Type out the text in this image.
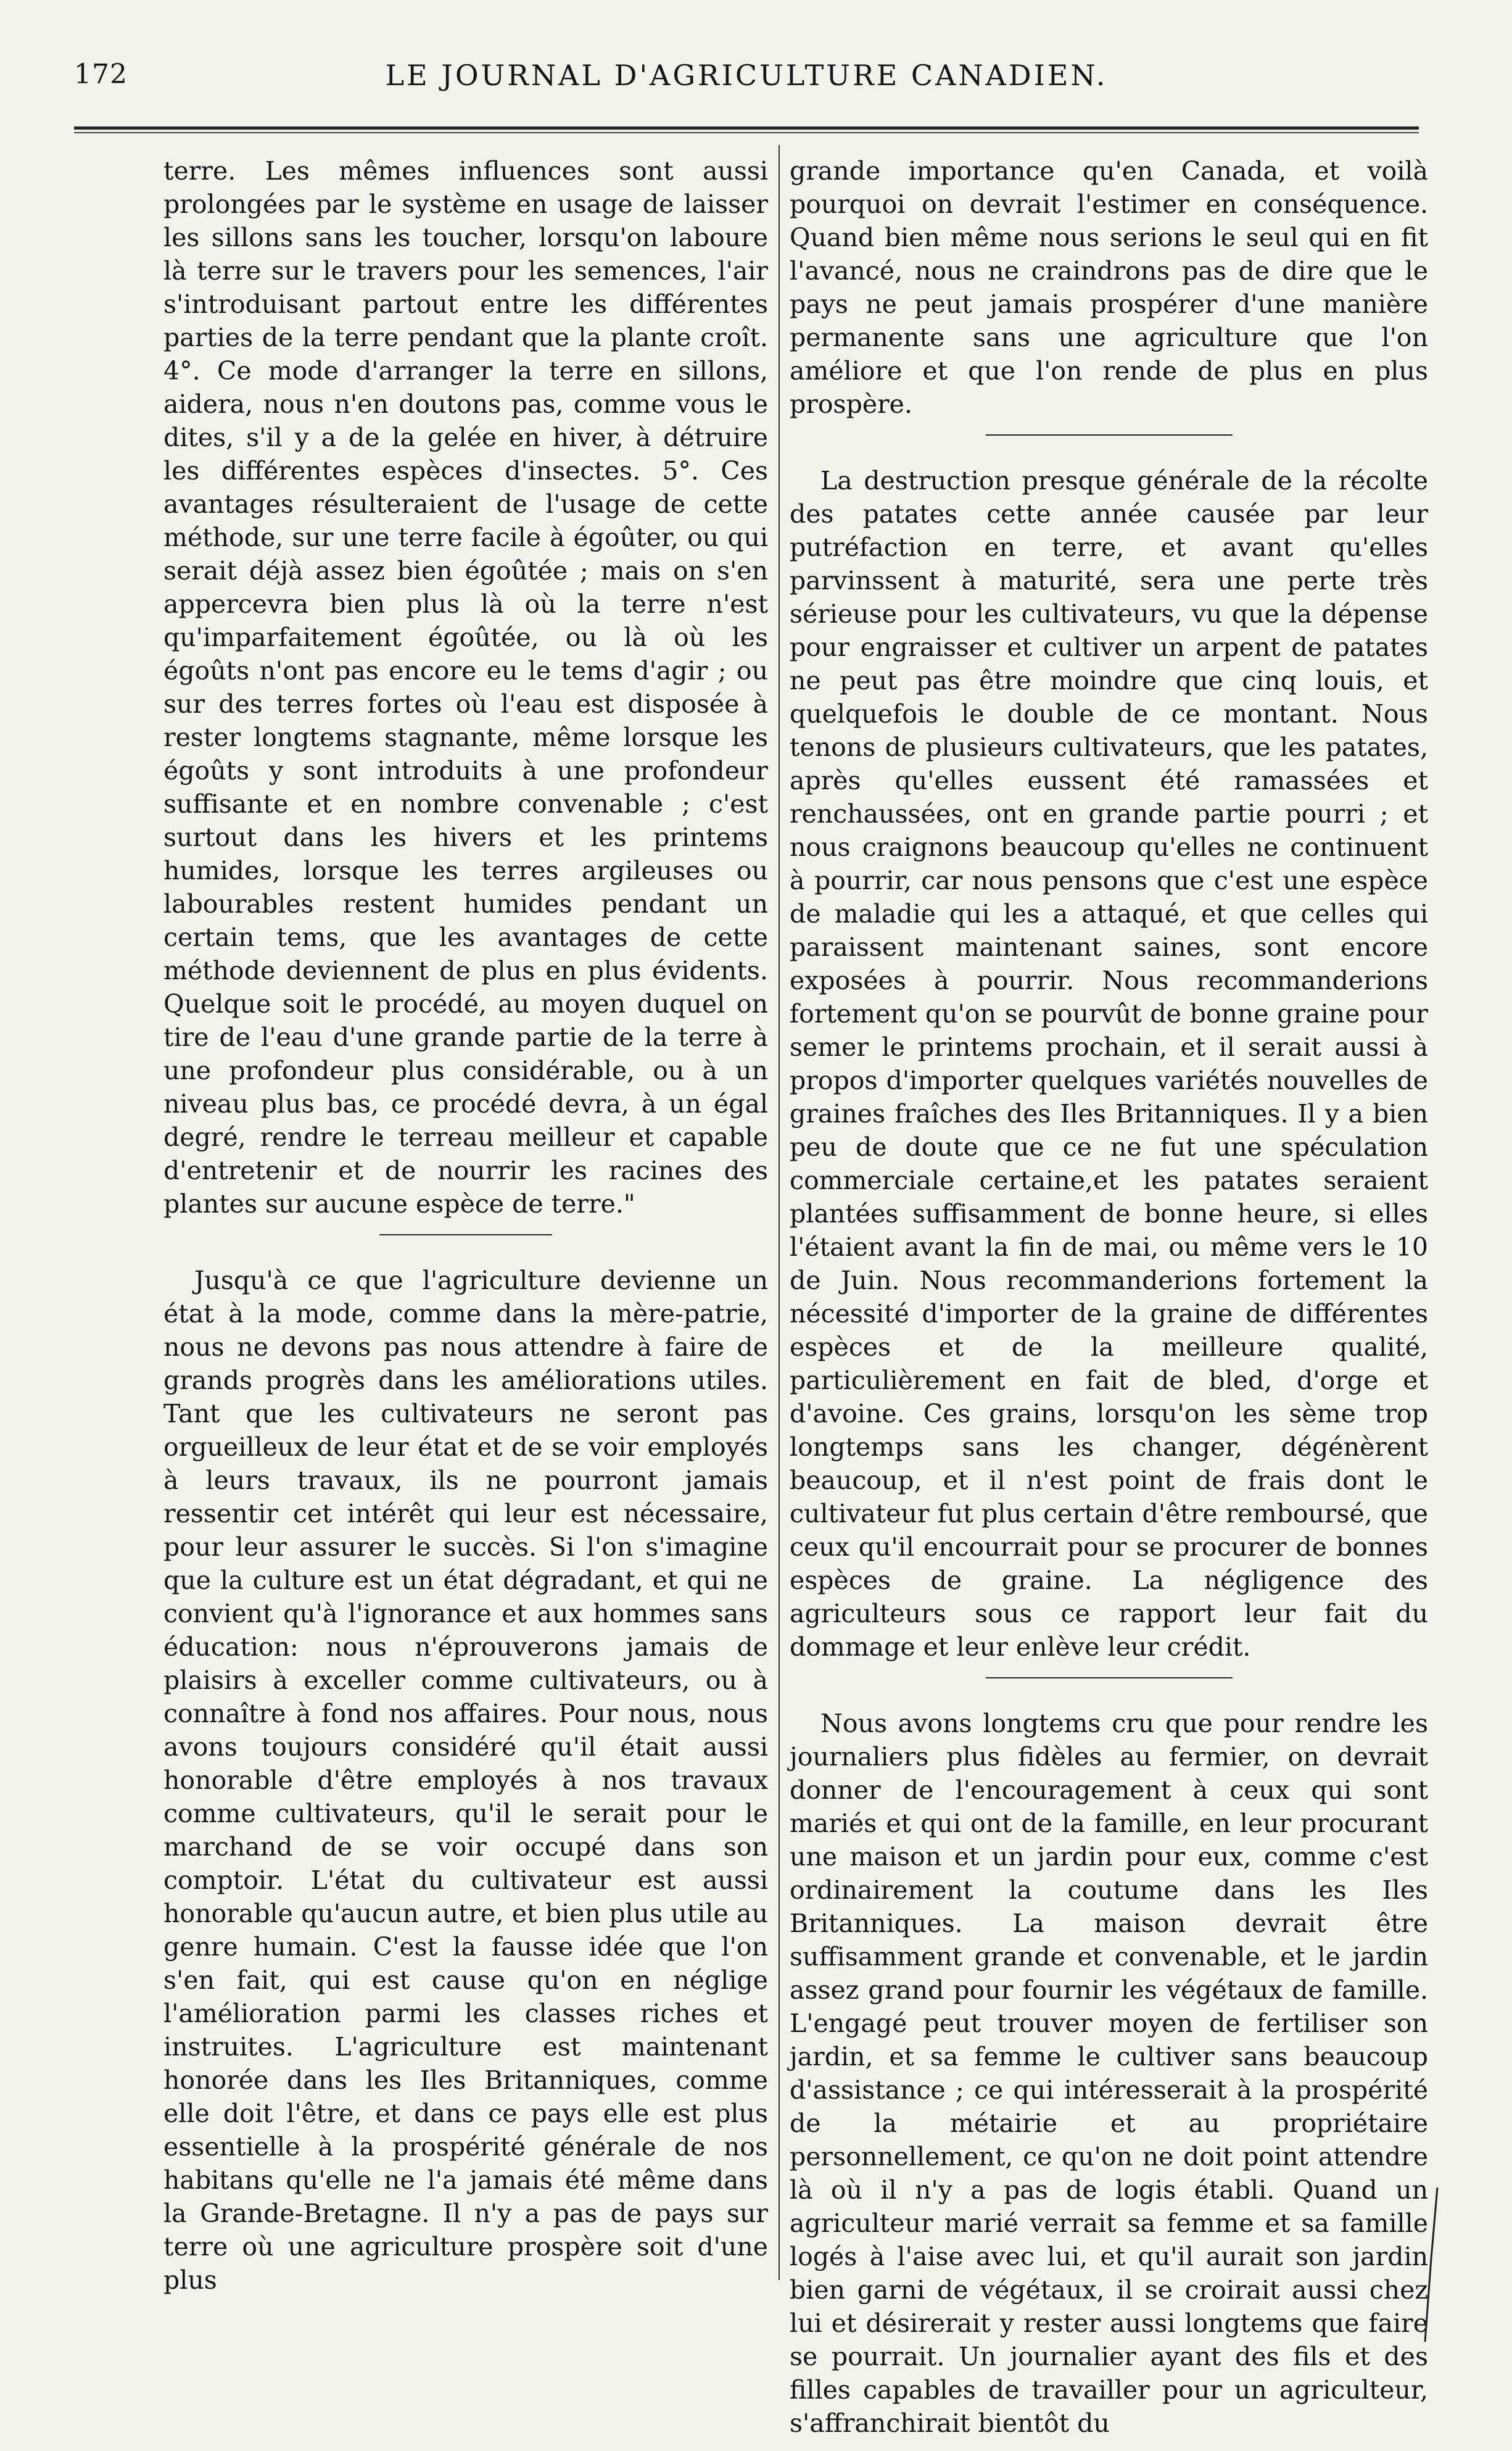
172	LE JOURNAL D'AGRICULTURE CANADIEN.

terre. Les mêmes influences sont aussi prolongées par le système en usage de laisser les sillons sans les toucher, lorsqu'on laboure là terre sur le travers pour les semences, l'air s'introduisant partout entre les différentes parties de la terre pendant que la plante croît. 4°. Ce mode d'arranger la terre en sillons, aidera, nous n'en doutons pas, comme vous le dites, s'il y a de la gelée en hiver, à détruire les différentes espèces d'insectes. 5°. Ces avantages résulteraient de l'usage de cette méthode, sur une terre facile à égoûter, ou qui serait déjà assez bien égoûtée ; mais on s'en appercevra bien plus là où la terre n'est qu'imparfaitement égoûtée, ou là où les égoûts n'ont pas encore eu le tems d'agir ; ou sur des terres fortes où l'eau est disposée à rester longtems stagnante, même lorsque les égoûts y sont introduits à une profondeur suffisante et en nombre convenable ; c'est surtout dans les hivers et les printems humides, lorsque les terres argileuses ou labourables restent humides pendant un certain tems, que les avantages de cette méthode deviennent de plus en plus évidents. Quelque soit le procédé, au moyen duquel on tire de l'eau d'une grande partie de la terre à une profondeur plus considérable, ou à un niveau plus bas, ce procédé devra, à un égal degré, rendre le terreau meilleur et capable d'entretenir et de nourrir les racines des plantes sur aucune espèce de terre."

Jusqu'à ce que l'agriculture devienne un état à la mode, comme dans la mère-patrie, nous ne devons pas nous attendre à faire de grands progrès dans les améliorations utiles. Tant que les cultivateurs ne seront pas orgueilleux de leur état et de se voir employés à leurs travaux, ils ne pourront jamais ressentir cet intérêt qui leur est nécessaire, pour leur assurer le succès. Si l'on s'imagine que la culture est un état dégradant, et qui ne convient qu'à l'ignorance et aux hommes sans éducation: nous n'éprouverons jamais de plaisirs à exceller comme cultivateurs, ou à connaître à fond nos affaires. Pour nous, nous avons toujours considéré qu'il était aussi honorable d'être employés à nos travaux comme cultivateurs, qu'il le serait pour le marchand de se voir occupé dans son comptoir. L'état du cultivateur est aussi honorable qu'aucun autre, et bien plus utile au genre humain. C'est la fausse idée que l'on s'en fait, qui est cause qu'on en néglige l'amélioration parmi les classes riches et instruites. L'agriculture est maintenant honorée dans les Iles Britanniques, comme elle doit l'être, et dans ce pays elle est plus essentielle à la prospérité générale de nos habitans qu'elle ne l'a jamais été même dans la Grande-Bretagne. Il n'y a pas de pays sur terre où une agriculture prospère soit d'une plus

grande importance qu'en Canada, et voilà pourquoi on devrait l'estimer en conséquence. Quand bien même nous serions le seul qui en fit l'avancé, nous ne craindrons pas de dire que le pays ne peut jamais prospérer d'une manière permanente sans une agriculture que l'on améliore et que l'on rende de plus en plus prospère.

La destruction presque générale de la récolte des patates cette année causée par leur putréfaction en terre, et avant qu'elles parvinssent à maturité, sera une perte très sérieuse pour les cultivateurs, vu que la dépense pour engraisser et cultiver un arpent de patates ne peut pas être moindre que cinq louis, et quelquefois le double de ce montant. Nous tenons de plusieurs cultivateurs, que les patates, après qu'elles eussent été ramassées et renchaussées, ont en grande partie pourri ; et nous craignons beaucoup qu'elles ne continuent à pourrir, car nous pensons que c'est une espèce de maladie qui les a attaqué, et que celles qui paraissent maintenant saines, sont encore exposées à pourrir. Nous recommanderions fortement qu'on se pourvût de bonne graine pour semer le printems prochain, et il serait aussi à propos d'importer quelques variétés nouvelles de graines fraîches des Iles Britanniques. Il y a bien peu de doute que ce ne fut une spéculation commerciale certaine,et les patates seraient plantées suffisamment de bonne heure, si elles l'étaient avant la fin de mai, ou même vers le 10 de Juin. Nous recommanderions fortement la nécessité d'importer de la graine de différentes espèces et de la meilleure qualité, particulièrement en fait de bled, d'orge et d'avoine. Ces grains, lorsqu'on les sème trop longtemps sans les changer, dégénèrent beaucoup, et il n'est point de frais dont le cultivateur fut plus certain d'être remboursé, que ceux qu'il encourrait pour se procurer de bonnes espèces de graine. La négligence des agriculteurs sous ce rapport leur fait du dommage et leur enlève leur crédit.

Nous avons longtems cru que pour rendre les journaliers plus fidèles au fermier, on devrait donner de l'encouragement à ceux qui sont mariés et qui ont de la famille, en leur procurant une maison et un jardin pour eux, comme c'est ordinairement la coutume dans les Iles Britanniques. La maison devrait être suffisamment grande et convenable, et le jardin assez grand pour fournir les végétaux de famille. L'engagé peut trouver moyen de fertiliser son jardin, et sa femme le cultiver sans beaucoup d'assistance ; ce qui intéresserait à la prospérité de la métairie et au propriétaire personnellement, ce qu'on ne doit point attendre là où il n'y a pas de logis établi. Quand un agriculteur marié verrait sa femme et sa famille logés à l'aise avec lui, et qu'il aurait son jardin bien garni de végétaux, il se croirait aussi chez lui et désirerait y rester aussi longtems que faire se pourrait. Un journalier ayant des fils et des filles capables de travailler pour un agriculteur, s'affranchirait bientôt du
